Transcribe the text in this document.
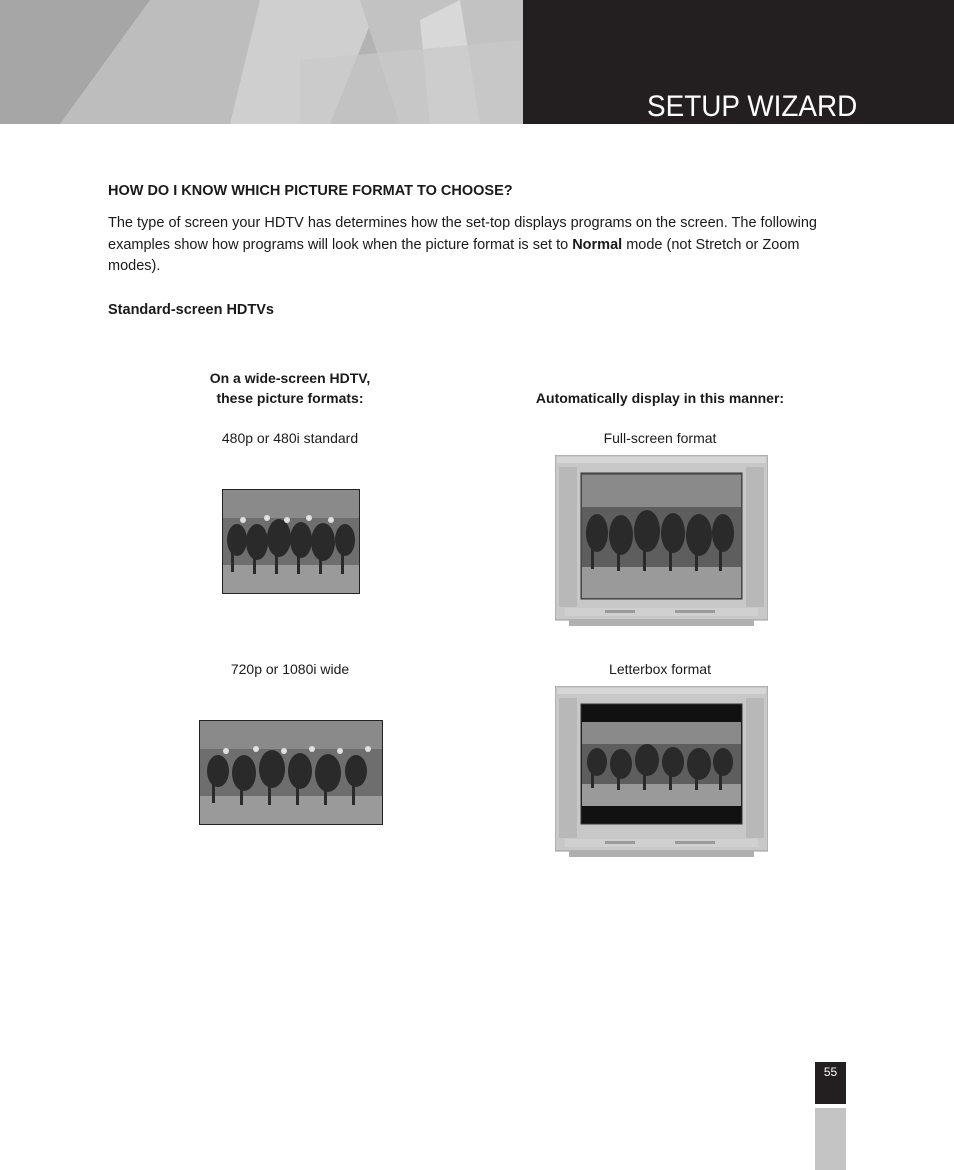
SETUP WIZARD
HOW DO I KNOW WHICH PICTURE FORMAT TO CHOOSE?
The type of screen your HDTV has determines how the set-top displays programs on the screen. The following examples show how programs will look when the picture format is set to Normal mode (not Stretch or Zoom modes).
Standard-screen HDTVs
On a wide-screen HDTV,
these picture formats:	Automatically display in this manner:
480p or 480i standard	Full-screen format
720p or 1080i wide	Letterbox format
55
